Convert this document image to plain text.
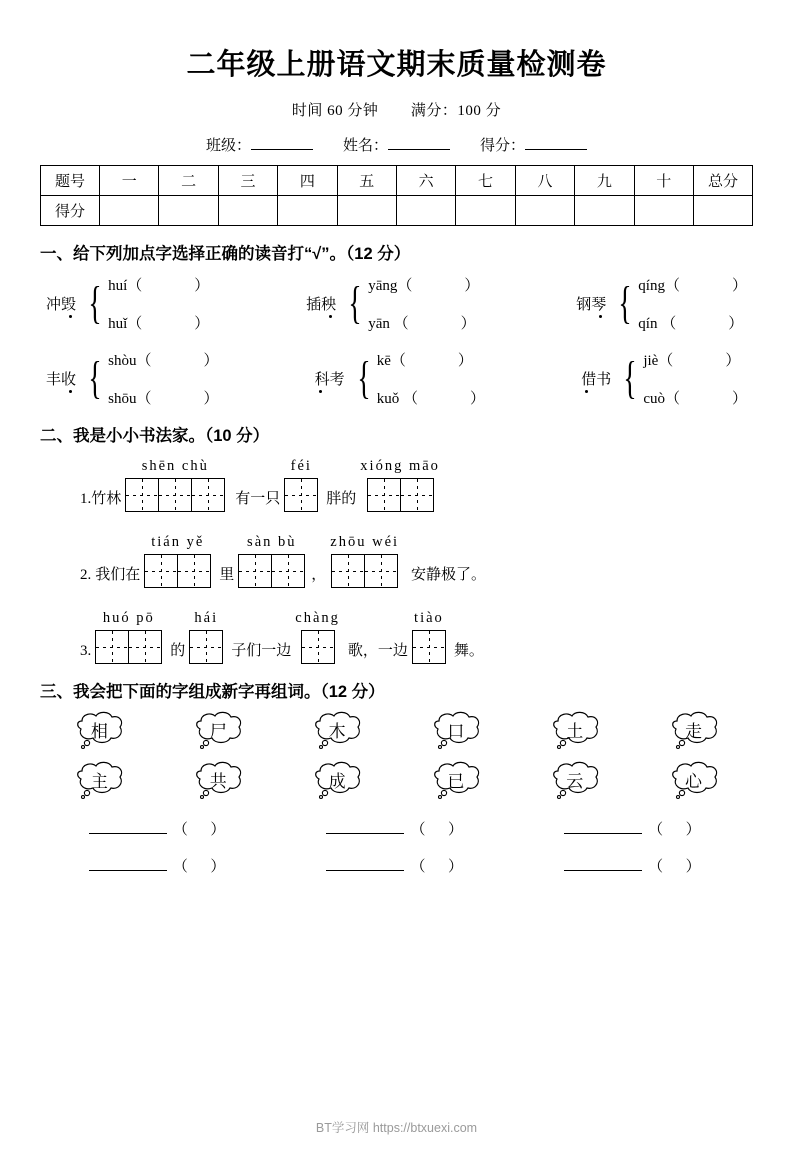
二年级上册语文期末质量检测卷
时间 60 分钟 满分：100 分
班级：	姓名：	得分：
题号	一	二	三	四	五	六	七	八	九	十	总分
得分											
一、给下列加点字选择正确的读音打“√”。（12 分）
冲毁 { huí（	）
huǐ（	）
插秧 { yāng（	）
yān （	）
钢琴 { qíng（	）
qín （	）
丰收 { shòu（	）
shōu（	）
科考 { kē（	）
kuǒ （	）
借书 { jiè（	）
cuò（	）
二、我是小小书法家。（10 分）
1. 竹林
shēn chù
有一只
féi
胖的
xióng māo
2. 我们在
tián yě
里
sàn bù
，
zhōu wéi
安静极了。
3.
huó pō
的
hái
子们一边
chàng
歌，一边
tiào
舞。
三、我会把下面的字组成新字再组词。（12 分）
相	尸	木	口	土	走
主	共	成	已	云	心
（ ）	（ ）	（ ）
（ ）	（ ）	（ ）
BT学习网 https://btxuexi.com
